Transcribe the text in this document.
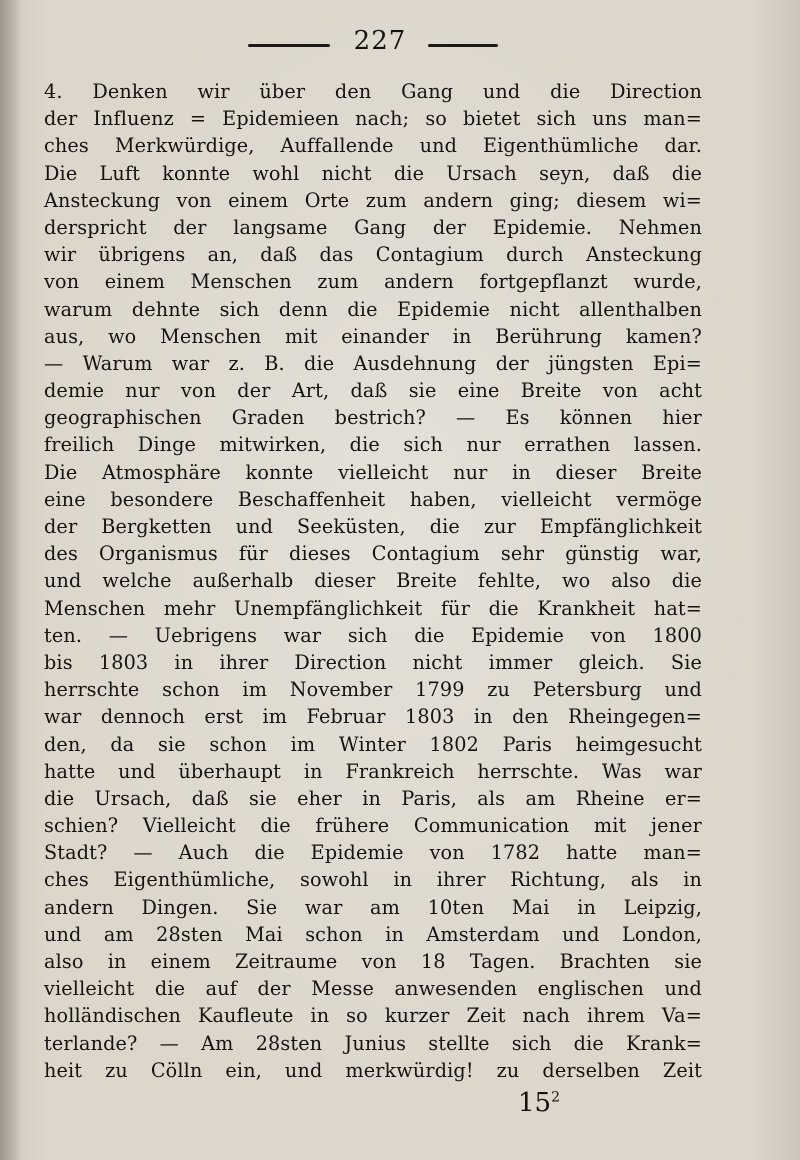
227
4. Denken wir über den Gang und die Direction
der Influenz = Epidemieen nach; so bietet sich uns man=
ches Merkwürdige, Auffallende und Eigenthümliche dar.
Die Luft konnte wohl nicht die Ursach seyn, daß die
Ansteckung von einem Orte zum andern ging; diesem wi=
derspricht der langsame Gang der Epidemie. Nehmen
wir übrigens an, daß das Contagium durch Ansteckung
von einem Menschen zum andern fortgepflanzt wurde,
warum dehnte sich denn die Epidemie nicht allenthalben
aus, wo Menschen mit einander in Berührung kamen?
— Warum war z. B. die Ausdehnung der jüngsten Epi=
demie nur von der Art, daß sie eine Breite von acht
geographischen Graden bestrich? — Es können hier
freilich Dinge mitwirken, die sich nur errathen lassen.
Die Atmosphäre konnte vielleicht nur in dieser Breite
eine besondere Beschaffenheit haben, vielleicht vermöge
der Bergketten und Seeküsten, die zur Empfänglichkeit
des Organismus für dieses Contagium sehr günstig war,
und welche außerhalb dieser Breite fehlte, wo also die
Menschen mehr Unempfänglichkeit für die Krankheit hat=
ten. — Uebrigens war sich die Epidemie von 1800
bis 1803 in ihrer Direction nicht immer gleich. Sie
herrschte schon im November 1799 zu Petersburg und
war dennoch erst im Februar 1803 in den Rheingegen=
den, da sie schon im Winter 1802 Paris heimgesucht
hatte und überhaupt in Frankreich herrschte. Was war
die Ursach, daß sie eher in Paris, als am Rheine er=
schien? Vielleicht die frühere Communication mit jener
Stadt? — Auch die Epidemie von 1782 hatte man=
ches Eigenthümliche, sowohl in ihrer Richtung, als in
andern Dingen. Sie war am 10ten Mai in Leipzig,
und am 28sten Mai schon in Amsterdam und London,
also in einem Zeitraume von 18 Tagen. Brachten sie
vielleicht die auf der Messe anwesenden englischen und
holländischen Kaufleute in so kurzer Zeit nach ihrem Va=
terlande? — Am 28sten Junius stellte sich die Krank=
heit zu Cölln ein, und merkwürdig! zu derselben Zeit
$15^2$
